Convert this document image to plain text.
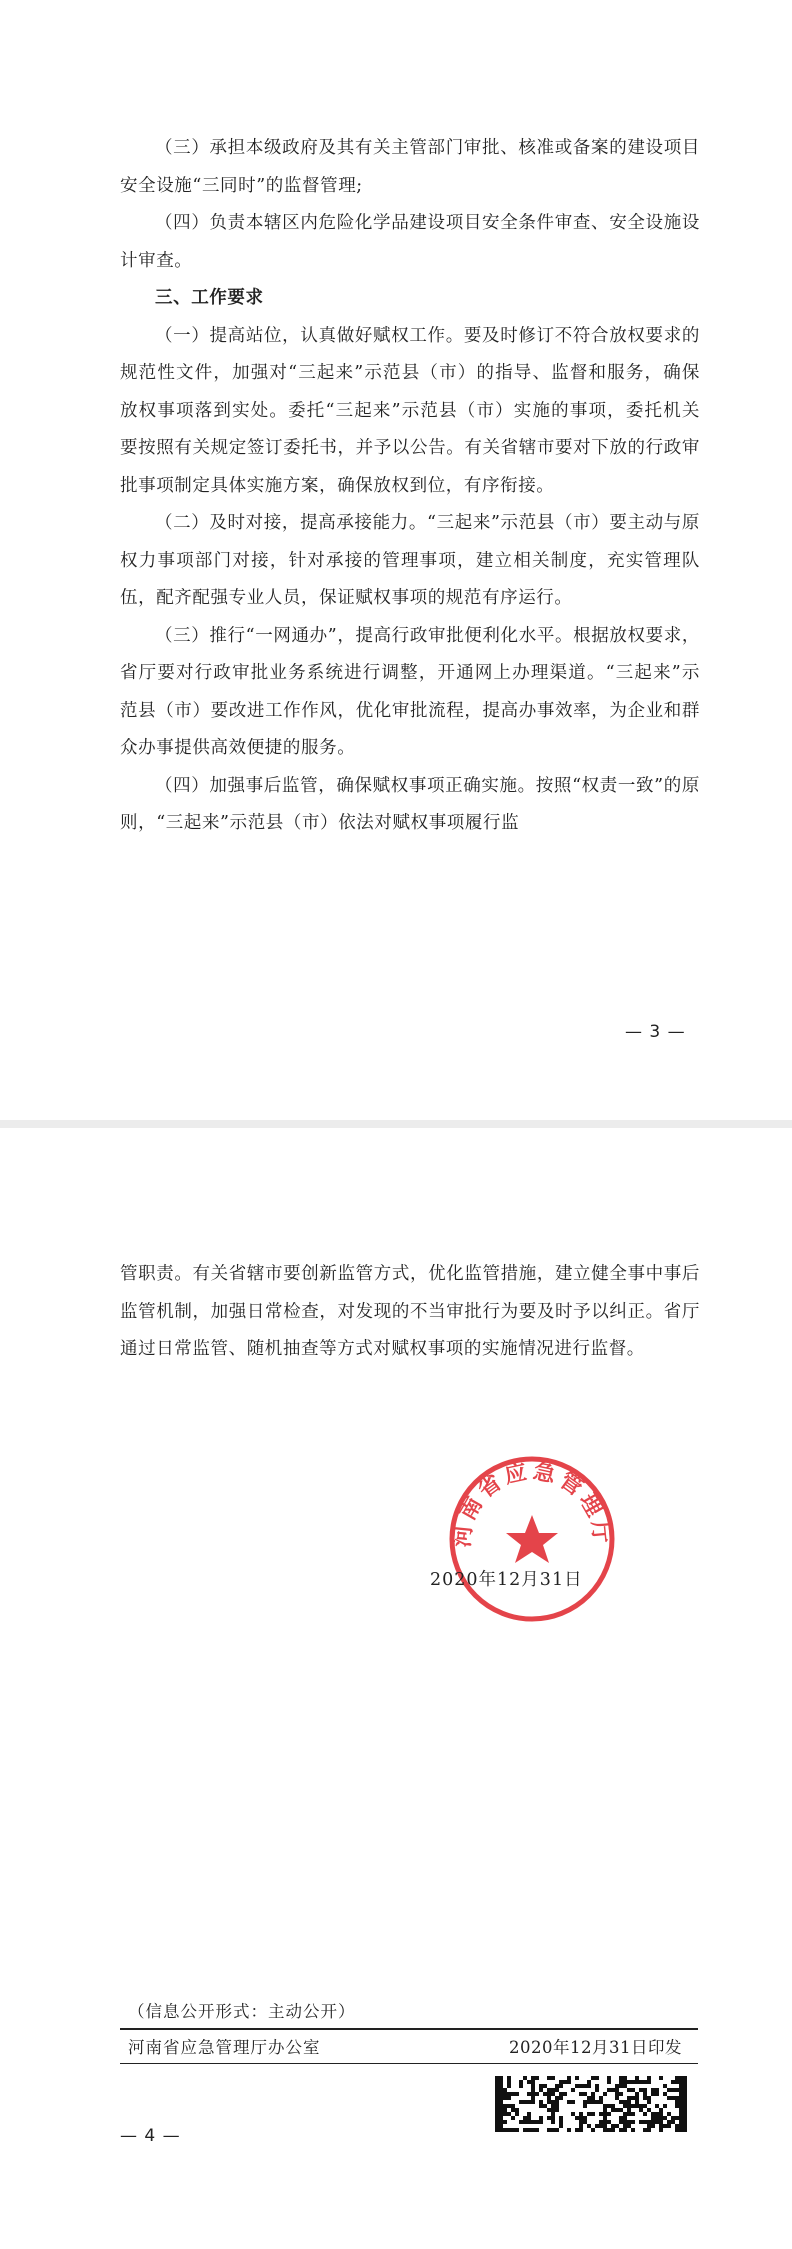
（三）承担本级政府及其有关主管部门审批、核准或备案的建设项目安全设施“三同时”的监督管理;

（四）负责本辖区内危险化学品建设项目安全条件审查、安全设施设计审查。

三、工作要求

（一）提高站位，认真做好赋权工作。要及时修订不符合放权要求的规范性文件，加强对“三起来”示范县（市）的指导、监督和服务，确保放权事项落到实处。委托“三起来”示范县（市）实施的事项，委托机关要按照有关规定签订委托书，并予以公告。有关省辖市要对下放的行政审批事项制定具体实施方案，确保放权到位，有序衔接。

（二）及时对接，提高承接能力。“三起来”示范县（市）要主动与原权力事项部门对接，针对承接的管理事项，建立相关制度，充实管理队伍，配齐配强专业人员，保证赋权事项的规范有序运行。

（三）推行“一网通办”，提高行政审批便利化水平。根据放权要求，省厅要对行政审批业务系统进行调整，开通网上办理渠道。“三起来”示范县（市）要改进工作作风，优化审批流程，提高办事效率，为企业和群众办事提供高效便捷的服务。

（四）加强事后监管，确保赋权事项正确实施。按照“权责一致”的原则，“三起来”示范县（市）依法对赋权事项履行监

— 3 —

管职责。有关省辖市要创新监管方式，优化监管措施，建立健全事中事后监管机制，加强日常检查，对发现的不当审批行为要及时予以纠正。省厅通过日常监管、随机抽查等方式对赋权事项的实施情况进行监督。

河南省应急管理厅
2020年12月31日
（信息公开形式：主动公开）
河南省应急管理厅办公室	2020年12月31日印发
— 4 —
